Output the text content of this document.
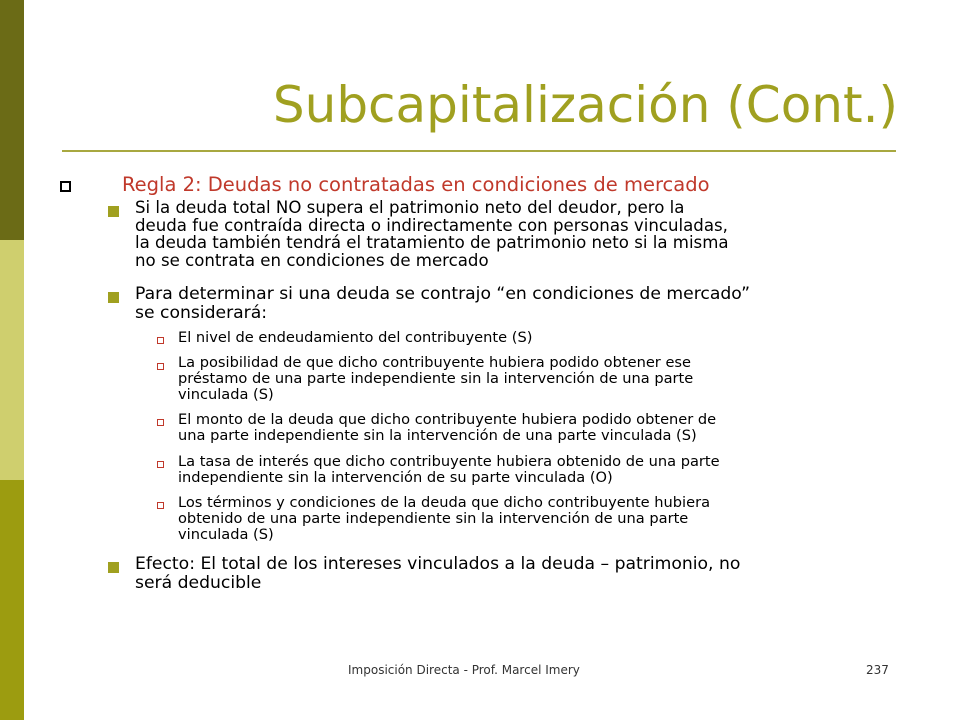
Subcapitalización (Cont.)
Regla 2: Deudas no contratadas en condiciones de mercado
Si la deuda total NO supera el patrimonio neto del deudor, pero la
deuda fue contraída directa o indirectamente con personas vinculadas,
la deuda también tendrá el tratamiento de patrimonio neto si la misma
no se contrata en condiciones de mercado
Para determinar si una deuda se contrajo “en condiciones de mercado”
se considerará:
El nivel de endeudamiento del contribuyente (S)
La posibilidad de que dicho contribuyente hubiera podido obtener ese
préstamo de una parte independiente sin la intervención de una parte
vinculada (S)
El monto de la deuda que dicho contribuyente hubiera podido obtener de
una parte independiente sin la intervención de una parte vinculada (S)
La tasa de interés que dicho contribuyente hubiera obtenido de una parte
independiente sin la intervención de su parte vinculada (O)
Los términos y condiciones de la deuda que dicho contribuyente hubiera
obtenido de una parte independiente sin la intervención de una parte
vinculada (S)
Efecto: El total de los intereses vinculados a la deuda – patrimonio, no
será deducible
Imposición Directa - Prof. Marcel Imery	237
